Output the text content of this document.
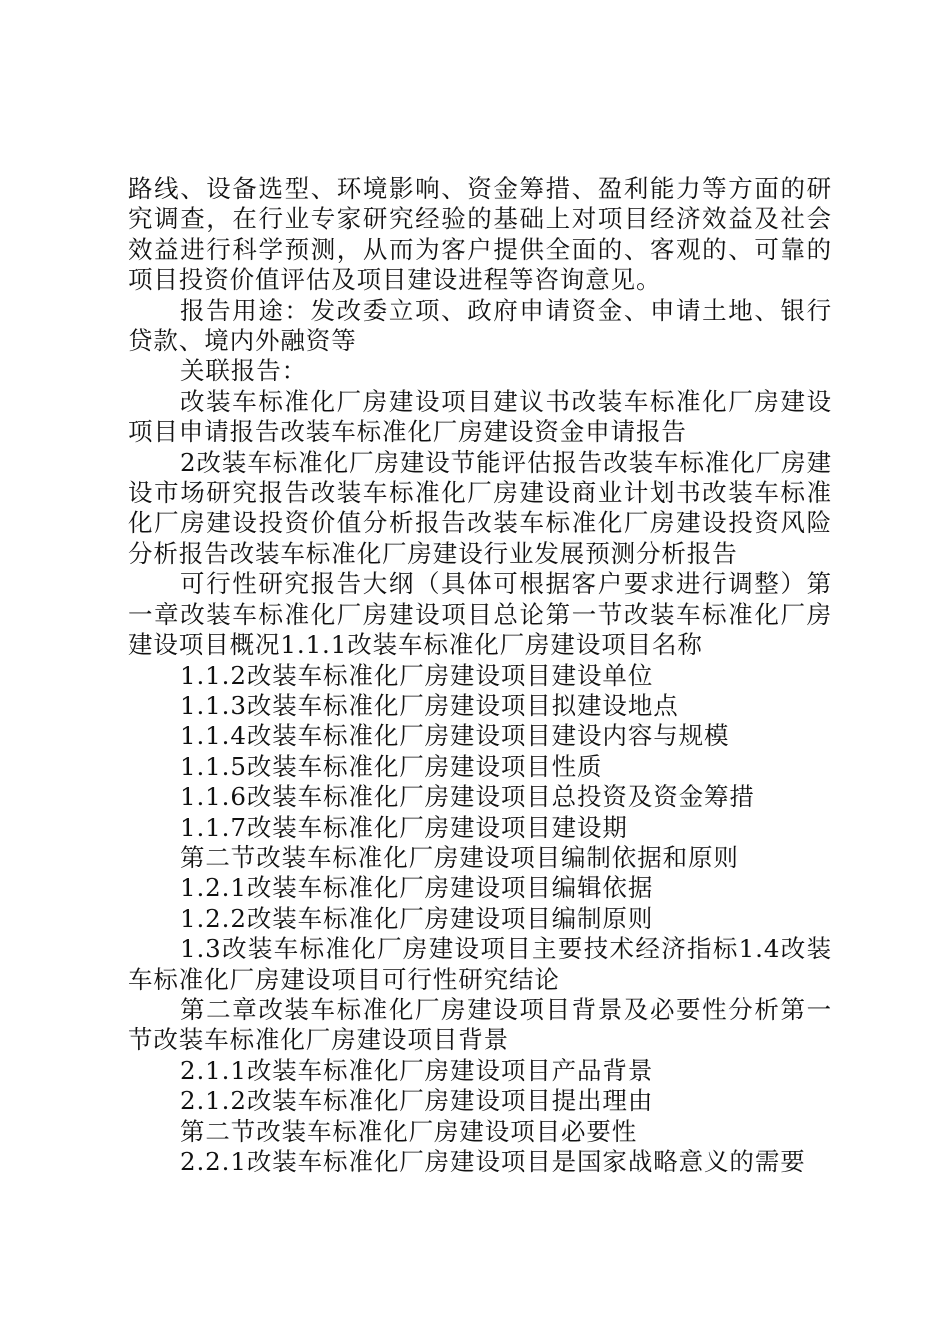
路线、设备选型、环境影响、资金筹措、盈利能力等方面的研究调查，在行业专家研究经验的基础上对项目经济效益及社会效益进行科学预测，从而为客户提供全面的、客观的、可靠的项目投资价值评估及项目建设进程等咨询意见。

报告用途：发改委立项、政府申请资金、申请土地、银行贷款、境内外融资等

关联报告：

改装车标准化厂房建设项目建议书改装车标准化厂房建设项目申请报告改装车标准化厂房建设资金申请报告

2改装车标准化厂房建设节能评估报告改装车标准化厂房建设市场研究报告改装车标准化厂房建设商业计划书改装车标准化厂房建设投资价值分析报告改装车标准化厂房建设投资风险分析报告改装车标准化厂房建设行业发展预测分析报告

可行性研究报告大纲（具体可根据客户要求进行调整）第一章改装车标准化厂房建设项目总论第一节改装车标准化厂房建设项目概况1.1.1改装车标准化厂房建设项目名称

1.1.2改装车标准化厂房建设项目建设单位

1.1.3改装车标准化厂房建设项目拟建设地点

1.1.4改装车标准化厂房建设项目建设内容与规模

1.1.5改装车标准化厂房建设项目性质

1.1.6改装车标准化厂房建设项目总投资及资金筹措

1.1.7改装车标准化厂房建设项目建设期

第二节改装车标准化厂房建设项目编制依据和原则

1.2.1改装车标准化厂房建设项目编辑依据

1.2.2改装车标准化厂房建设项目编制原则

1.3改装车标准化厂房建设项目主要技术经济指标1.4改装车标准化厂房建设项目可行性研究结论

第二章改装车标准化厂房建设项目背景及必要性分析第一节改装车标准化厂房建设项目背景

2.1.1改装车标准化厂房建设项目产品背景

2.1.2改装车标准化厂房建设项目提出理由

第二节改装车标准化厂房建设项目必要性

2.2.1改装车标准化厂房建设项目是国家战略意义的需要
